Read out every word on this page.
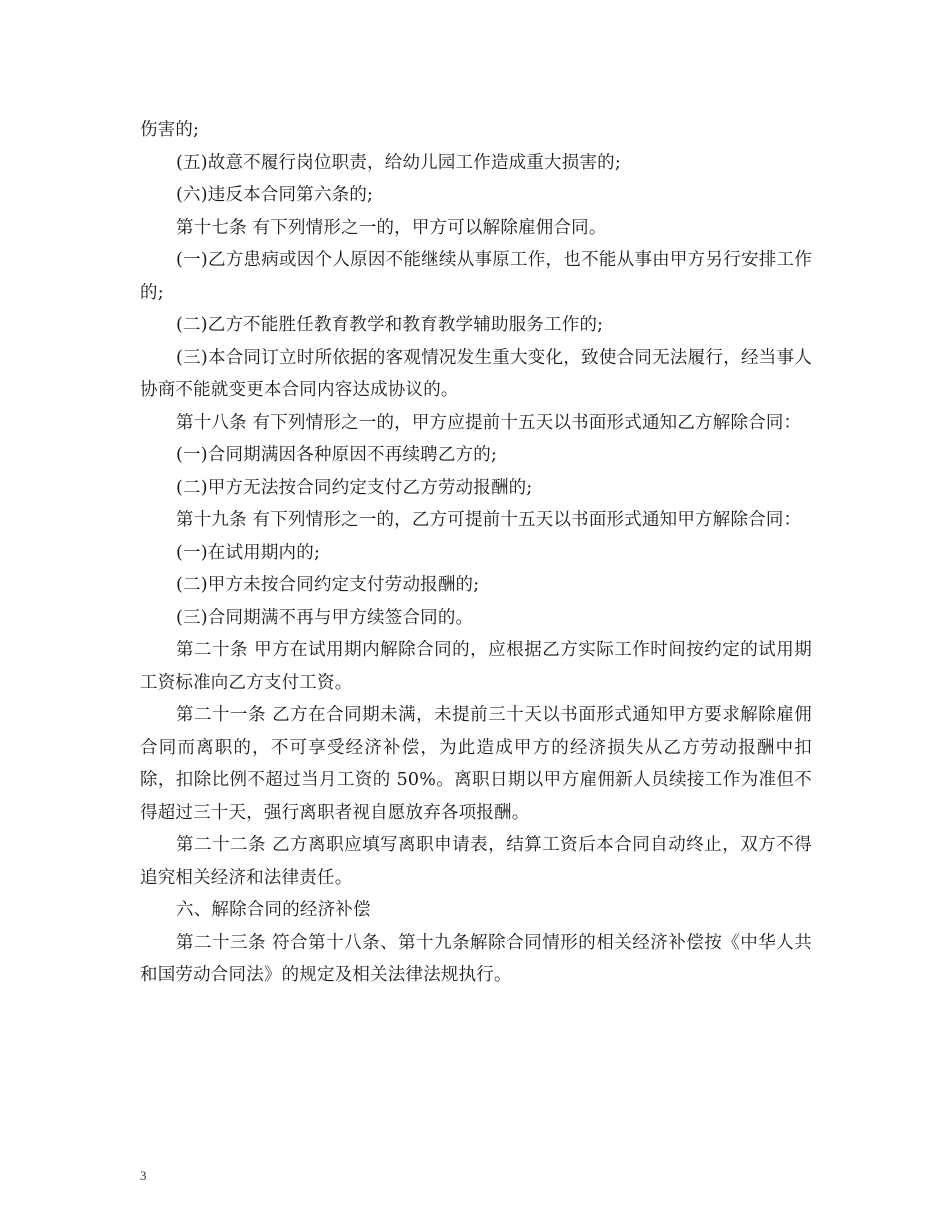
伤害的;

(五)故意不履行岗位职责，给幼儿园工作造成重大损害的;

(六)违反本合同第六条的;

第十七条 有下列情形之一的，甲方可以解除雇佣合同。

(一)乙方患病或因个人原因不能继续从事原工作，也不能从事由甲方另行安排工作的;

(二)乙方不能胜任教育教学和教育教学辅助服务工作的;

(三)本合同订立时所依据的客观情况发生重大变化，致使合同无法履行，经当事人协商不能就变更本合同内容达成协议的。

第十八条 有下列情形之一的，甲方应提前十五天以书面形式通知乙方解除合同：

(一)合同期满因各种原因不再续聘乙方的;

(二)甲方无法按合同约定支付乙方劳动报酬的;

第十九条 有下列情形之一的，乙方可提前十五天以书面形式通知甲方解除合同：

(一)在试用期内的;

(二)甲方未按合同约定支付劳动报酬的;

(三)合同期满不再与甲方续签合同的。

第二十条 甲方在试用期内解除合同的，应根据乙方实际工作时间按约定的试用期工资标准向乙方支付工资。

第二十一条 乙方在合同期未满，未提前三十天以书面形式通知甲方要求解除雇佣合同而离职的，不可享受经济补偿，为此造成甲方的经济损失从乙方劳动报酬中扣除，扣除比例不超过当月工资的 50%。离职日期以甲方雇佣新人员续接工作为准但不得超过三十天，强行离职者视自愿放弃各项报酬。

第二十二条 乙方离职应填写离职申请表，结算工资后本合同自动终止，双方不得追究相关经济和法律责任。

六、解除合同的经济补偿

第二十三条 符合第十八条、第十九条解除合同情形的相关经济补偿按《中华人共和国劳动合同法》的规定及相关法律法规执行。

3
